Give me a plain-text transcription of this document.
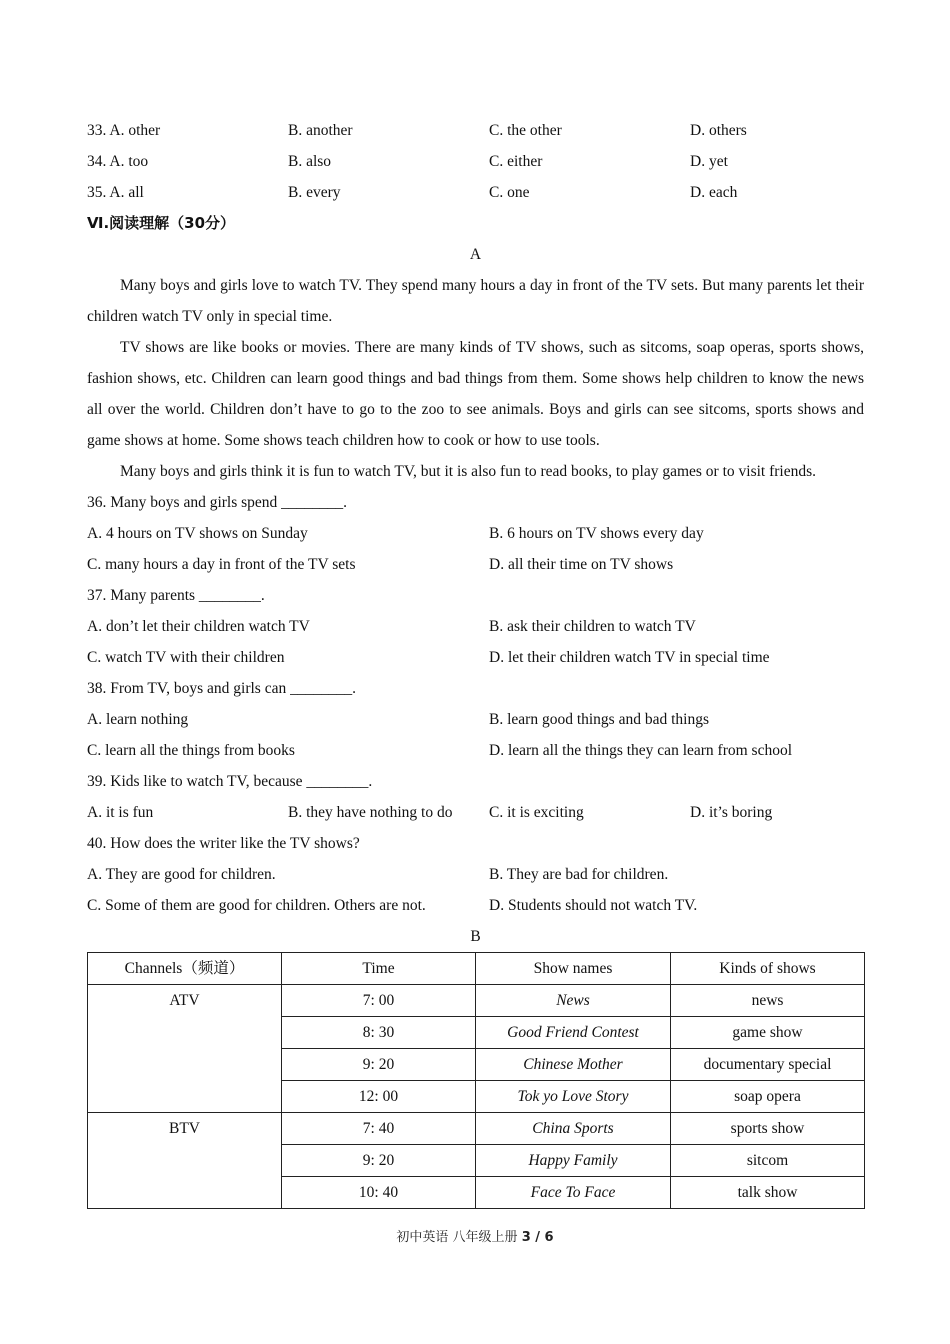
33. A. other	B. another	C. the other	D. others
34. A. too	B. also	C. either	D. yet
35. A. all	B. every	C. one	D. each
Ⅵ.阅读理解（30分）
A
Many boys and girls love to watch TV. They spend many hours a day in front of the TV sets. But many parents let their children watch TV only in special time.
TV shows are like books or movies. There are many kinds of TV shows, such as sitcoms, soap operas, sports shows, fashion shows, etc. Children can learn good things and bad things from them. Some shows help children to know the news all over the world. Children don’t have to go to the zoo to see animals. Boys and girls can see sitcoms, sports shows and game shows at home. Some shows teach children how to cook or how to use tools.
Many boys and girls think it is fun to watch TV, but it is also fun to read books, to play games or to visit friends.
36. Many boys and girls spend ________.
A. 4 hours on TV shows on Sunday	B. 6 hours on TV shows every day
C. many hours a day in front of the TV sets	D. all their time on TV shows
37. Many parents ________.
A. don’t let their children watch TV	B. ask their children to watch TV
C. watch TV with their children	D. let their children watch TV in special time
38. From TV, boys and girls can ________.
A. learn nothing	B. learn good things and bad things
C. learn all the things from books	D. learn all the things they can learn from school
39. Kids like to watch TV, because ________.
A. it is fun	B. they have nothing to do	C. it is exciting	D. it’s boring
40. How does the writer like the TV shows?
A. They are good for children.	B. They are bad for children.
C. Some of them are good for children. Others are not.	D. Students should not watch TV.
B
Channels（频道）	Time	Show names	Kinds of shows
ATV	7: 00	News	news
	8: 30	Good Friend Contest	game show
	9: 20	Chinese Mother	documentary special
	12: 00	Tok yo Love Story	soap opera
BTV	7: 40	China Sports	sports show
	9: 20	Happy Family	sitcom
	10: 40	Face To Face	talk show
初中英语 八年级上册 3 / 6
